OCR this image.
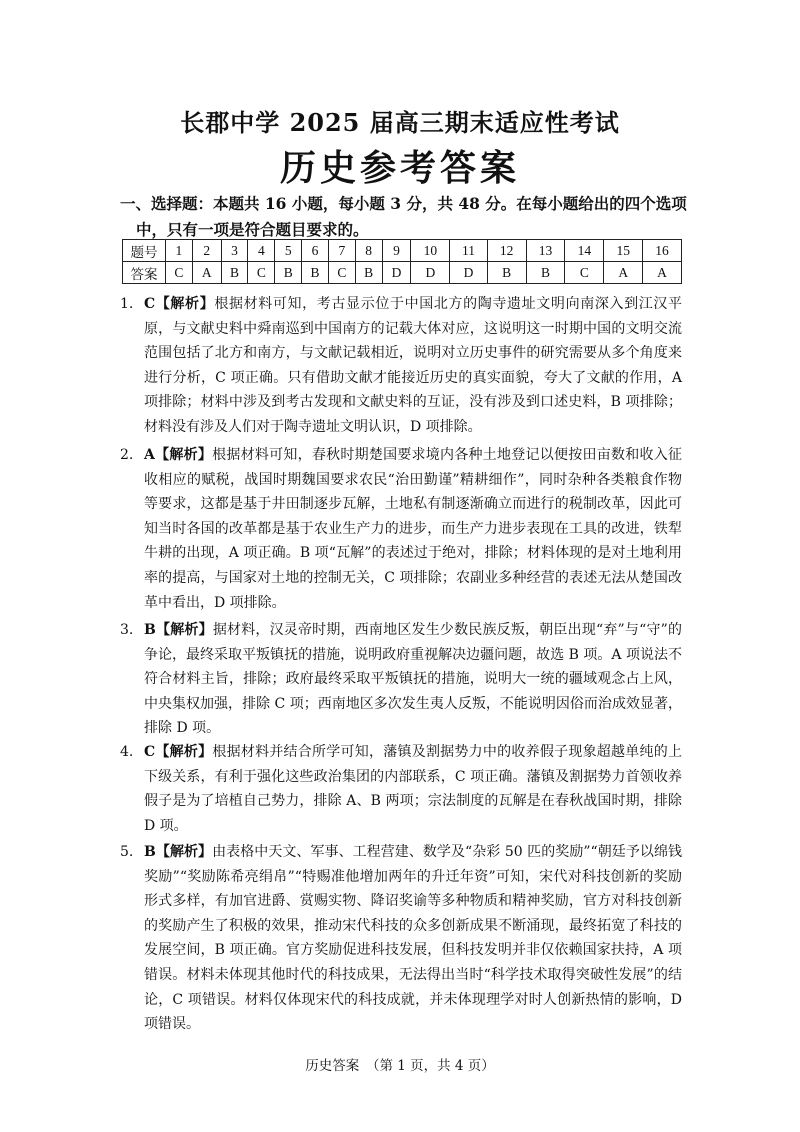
长郡中学 2025 届高三期末适应性考试
历史参考答案
一、选择题：本题共 16 小题，每小题 3 分，共 48 分。在每小题给出的四个选项中，只有一项是符合题目要求的。
题号	1	2	3	4	5	6	7	8	9	10	11	12	13	14	15	16
答案	C	A	B	C	B	B	C	B	D	D	D	B	B	C	A	A
1. C【解析】根据材料可知，考古显示位于中国北方的陶寺遗址文明向南深入到江汉平原，与文献史料中舜南巡到中国南方的记载大体对应，这说明这一时期中国的文明交流范围包括了北方和南方，与文献记载相近，说明对立历史事件的研究需要从多个角度来进行分析，C 项正确。只有借助文献才能接近历史的真实面貌，夸大了文献的作用，A 项排除；材料中涉及到考古发现和文献史料的互证，没有涉及到口述史料，B 项排除；材料没有涉及人们对于陶寺遗址文明认识，D 项排除。
2. A【解析】根据材料可知，春秋时期楚国要求境内各种土地登记以便按田亩数和收入征收相应的赋税，战国时期魏国要求农民“治田勤谨”精耕细作”，同时杂种各类粮食作物等要求，这都是基于井田制逐步瓦解，土地私有制逐渐确立而进行的税制改革，因此可知当时各国的改革都是基于农业生产力的进步，而生产力进步表现在工具的改进，铁犁牛耕的出现，A 项正确。B 项“瓦解”的表述过于绝对，排除；材料体现的是对土地利用率的提高，与国家对土地的控制无关，C 项排除；农副业多种经营的表述无法从楚国改革中看出，D 项排除。
3. B【解析】据材料，汉灵帝时期，西南地区发生少数民族反叛，朝臣出现“弃”与“守”的争论，最终采取平叛镇抚的措施，说明政府重视解决边疆问题，故选 B 项。A 项说法不符合材料主旨，排除；政府最终采取平叛镇抚的措施，说明大一统的疆域观念占上风，中央集权加强，排除 C 项；西南地区多次发生夷人反叛，不能说明因俗而治成效显著，排除 D 项。
4. C【解析】根据材料并结合所学可知，藩镇及割据势力中的收养假子现象超越单纯的上下级关系，有利于强化这些政治集团的内部联系，C 项正确。藩镇及割据势力首领收养假子是为了培植自己势力，排除 A、B 两项；宗法制度的瓦解是在春秋战国时期，排除 D 项。
5. B【解析】由表格中天文、军事、工程营建、数学及“杂彩 50 匹的奖励”“朝廷予以绵钱奖励”“奖励陈希亮绢帛”“特赐准他增加两年的升迁年资”可知，宋代对科技创新的奖励形式多样，有加官进爵、赏赐实物、降诏奖谕等多种物质和精神奖励，官方对科技创新的奖励产生了积极的效果，推动宋代科技的众多创新成果不断涌现，最终拓宽了科技的发展空间，B 项正确。官方奖励促进科技发展，但科技发明并非仅依赖国家扶持，A 项错误。材料未体现其他时代的科技成果，无法得出当时“科学技术取得突破性发展”的结论，C 项错误。材料仅体现宋代的科技成就，并未体现理学对时人创新热情的影响，D 项错误。
历史答案　（第 1 页，共 4 页）
